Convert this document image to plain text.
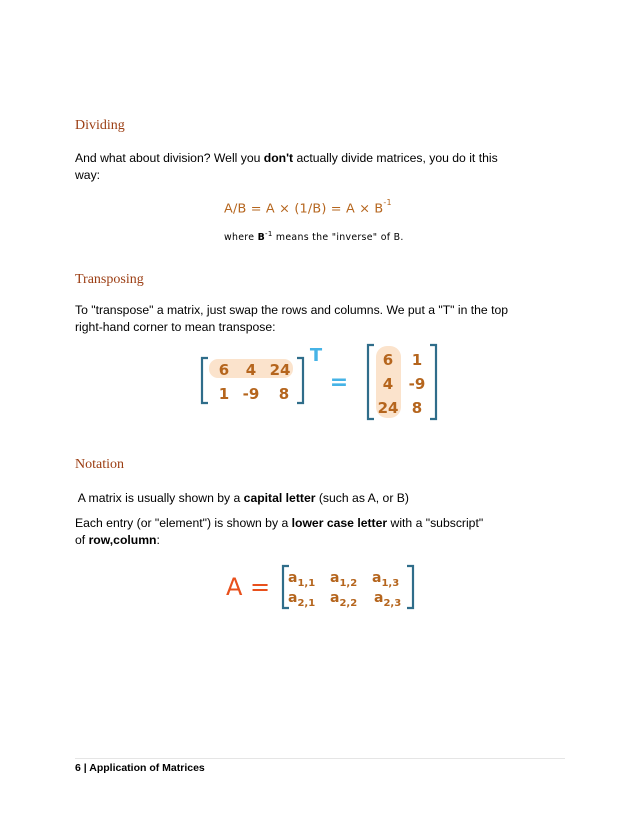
Dividing
And what about division? Well you don't actually divide matrices, you do it this
way:
$A/B = A \times (1/B) = A \times B^{-1}$
where $B^{-1}$ means the "inverse" of B.
Transposing
To "transpose" a matrix, just swap the rows and columns. We put a "T" in the top
right-hand corner to mean transpose:
6 4 24
1 -9 8
T
=
6 1
4 -9
24 8
Notation
A matrix is usually shown by a capital letter (such as A, or B)
Each entry (or "element") is shown by a lower case letter with a "subscript"
of row,column:
$A = a_{1,1}$ $a_{1,2}$ $a_{1,3}$
$a_{2,1}$ $a_{2,2}$ $a_{2,3}$
6 | Application of Matrices
